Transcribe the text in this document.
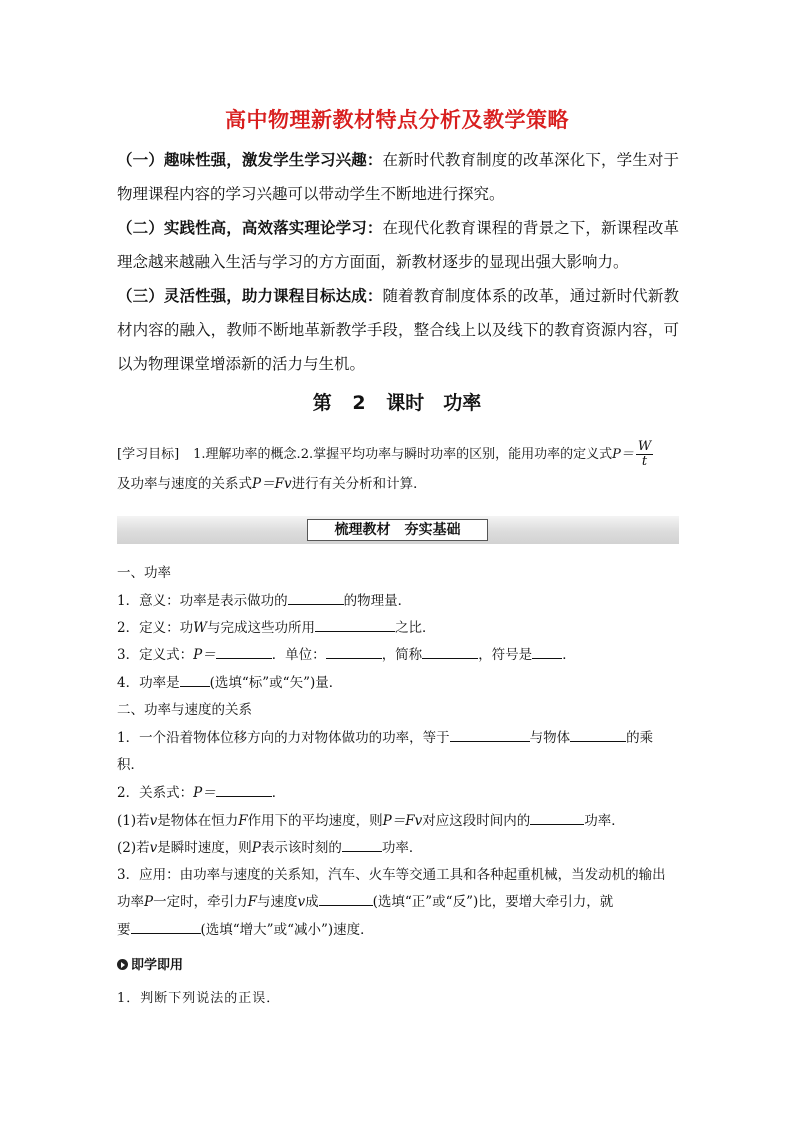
高中物理新教材特点分析及教学策略

（一）趣味性强，激发学生学习兴趣：在新时代教育制度的改革深化下，学生对于物理课程内容的学习兴趣可以带动学生不断地进行探究。

（二）实践性高，高效落实理论学习：在现代化教育课程的背景之下，新课程改革理念越来越融入生活与学习的方方面面，新教材逐步的显现出强大影响力。

（三）灵活性强，助力课程目标达成：随着教育制度体系的改革，通过新时代新教材内容的融入，教师不断地革新教学手段，整合线上以及线下的教育资源内容，可以为物理课堂增添新的活力与生机。

第 2 课时　功率
[学习目标] 1.理解功率的概念.2.掌握平均功率与瞬时功率的区别，能用功率的定义式$P= \frac{W}{t}$
及功率与速度的关系式P＝Fv进行有关分析和计算．
梳理教材　夯实基础
一、功率
1．意义：功率是表示做功的	的物理量．
2．定义：功W与完成这些功所用	之比．
3．定义式：P＝	．单位：	，简称	，符号是 ．
4．功率是 (选填“标”或“矢”)量．
二、功率与速度的关系
1．一个沿着物体位移方向的力对物体做功的功率，等于	与物体	的乘
积．
2．关系式：P＝	．
(1)若v是物体在恒力F作用下的平均速度，则P＝Fv对应这段时间内的	功率．
(2)若v是瞬时速度，则P表示该时刻的	功率．
3．应用：由功率与速度的关系知，汽车、火车等交通工具和各种起重机械，当发动机的输出
功率P一定时，牵引力F与速度v成	(选填“正”或“反”)比，要增大牵引力，就
要	(选填“增大”或“减小”)速度．
即学即用
1．判断下列说法的正误．
